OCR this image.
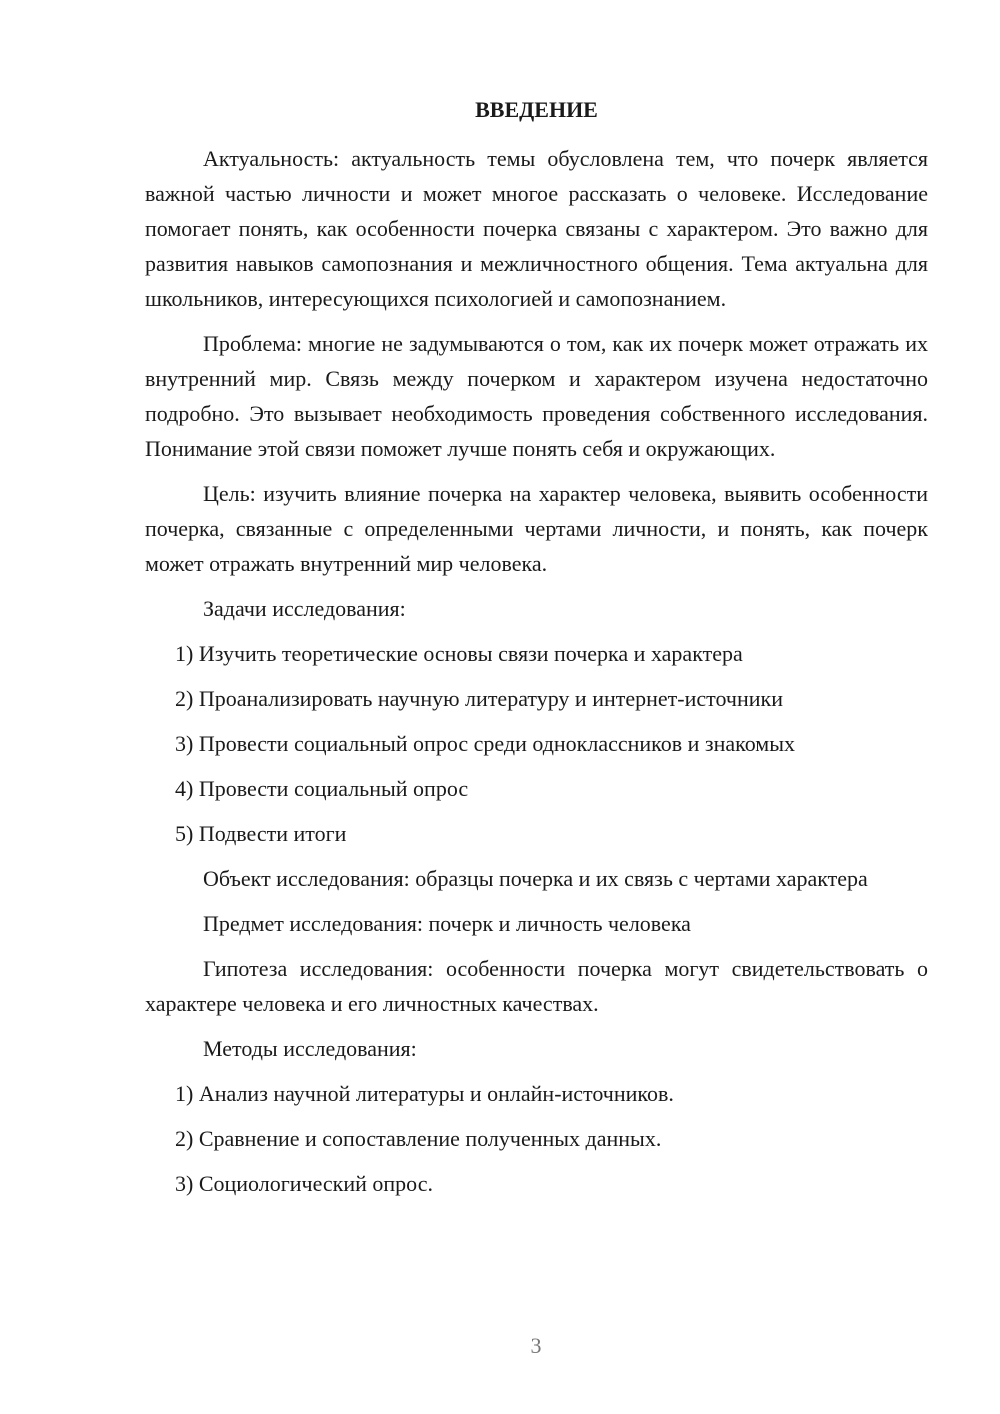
ВВЕДЕНИЕ
Актуальность: актуальность темы обусловлена тем, что почерк является важной частью личности и может многое рассказать о человеке. Исследование помогает понять, как особенности почерка связаны с характером. Это важно для развития навыков самопознания и межличностного общения. Тема актуальна для школьников, интересующихся психологией и самопознанием.
Проблема: многие не задумываются о том, как их почерк может отражать их внутренний мир. Связь между почерком и характером изучена недостаточно подробно. Это вызывает необходимость проведения собственного исследования. Понимание этой связи поможет лучше понять себя и окружающих.
Цель: изучить влияние почерка на характер человека, выявить особенности почерка, связанные с определенными чертами личности, и понять, как почерк может отражать внутренний мир человека.
Задачи исследования:
1) Изучить теоретические основы связи почерка и характера
2) Проанализировать научную литературу и интернет-источники
3) Провести социальный опрос среди одноклассников и знакомых
4) Провести социальный опрос
5) Подвести итоги
Объект исследования: образцы почерка и их связь с чертами характера
Предмет исследования: почерк и личность человека
Гипотеза исследования: особенности почерка могут свидетельствовать о характере человека и его личностных качествах.
Методы исследования:
1) Анализ научной литературы и онлайн-источников.
2) Сравнение и сопоставление полученных данных.
3) Социологический опрос.
3
